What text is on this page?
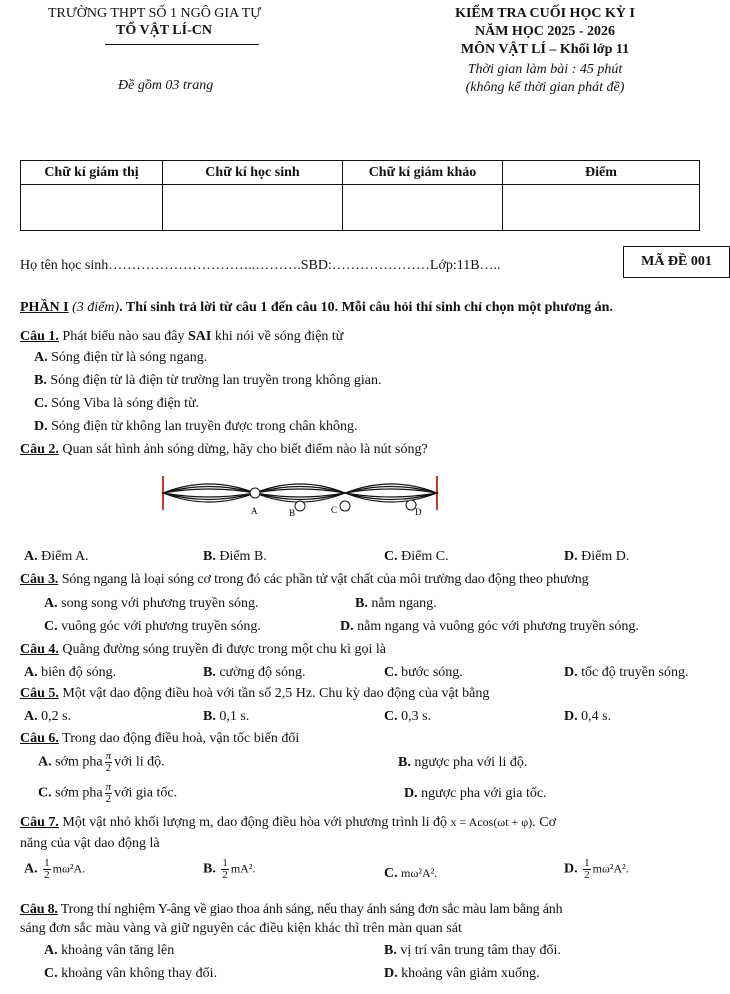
TRƯỜNG THPT SỐ 1 NGÔ GIA TỰ
TỔ VẬT LÍ-CN
Đề gồm 03 trang
KIỂM TRA CUỐI HỌC KỲ I
NĂM HỌC 2025 - 2026
MÔN VẬT LÍ – Khối lớp 11
Thời gian làm bài : 45 phút
(không kể thời gian phát đề)
Chữ kí giám thị	Chữ kí học sinh	Chữ kí giám khảo	Điểm

Họ tên học sinh…………………………..……….SBD:…………………Lớp:11B…..	MÃ ĐỀ 001
PHẦN I (3 điểm). Thí sinh trả lời từ câu 1 đến câu 10. Mỗi câu hỏi thí sinh chỉ chọn một phương án.
Câu 1. Phát biểu nào sau đây SAI khi nói về sóng điện từ
A. Sóng điện từ là sóng ngang.
B. Sóng điện từ là điện từ trường lan truyền trong không gian.
C. Sóng Viba là sóng điện từ.
D. Sóng điện từ không lan truyền được trong chân không.
Câu 2. Quan sát hình ảnh sóng dừng, hãy cho biết điểm nào là nút sóng?
A	B	C	D
A. Điểm A.	B. Điểm B.	C. Điểm C.	D. Điểm D.
Câu 3. Sóng ngang là loại sóng cơ trong đó các phần tử vật chất của môi trường dao động theo phương
A. song song với phương truyền sóng.	B. nằm ngang.
C. vuông góc với phương truyền sóng.	D. nằm ngang và vuông góc với phương truyền sóng.
Câu 4. Quãng đường sóng truyền đi được trong một chu kì gọi là
A. biên độ sóng.	B. cường độ sóng.	C. bước sóng.	D. tốc độ truyền sóng.
Câu 5. Một vật dao động điều hoà với tần số 2,5 Hz. Chu kỳ dao động của vật bằng
A. 0,2 s.	B. 0,1 s.	C. 0,3 s.	D. 0,4 s.
Câu 6. Trong dao động điều hoà, vận tốc biến đổi
A. sớm pha $\frac{\pi}{2}$ với li độ.	B. ngược pha với li độ.
C. sớm pha $\frac{\pi}{2}$ với gia tốc.	D. ngược pha với gia tốc.
Câu 7. Một vật nhỏ khối lượng m, dao động điều hòa với phương trình li độ x = Acos(ωt + φ). Cơ
năng của vật dao động là
A. $\frac{1}{2} m\omega^2A$.	B. $\frac{1}{2} mA^2$.	C. mω²A².	D. $\frac{1}{2} m\omega^2A^2$.
Câu 8. Trong thí nghiệm Y-âng về giao thoa ánh sáng, nếu thay ánh sáng đơn sắc màu lam bằng ánh
sáng đơn sắc màu vàng và giữ nguyên các điều kiện khác thì trên màn quan sát
A. khoảng vân tăng lên	B. vị trí vân trung tâm thay đổi.
C. khoảng vân không thay đổi.	D. khoảng vân giảm xuống.
